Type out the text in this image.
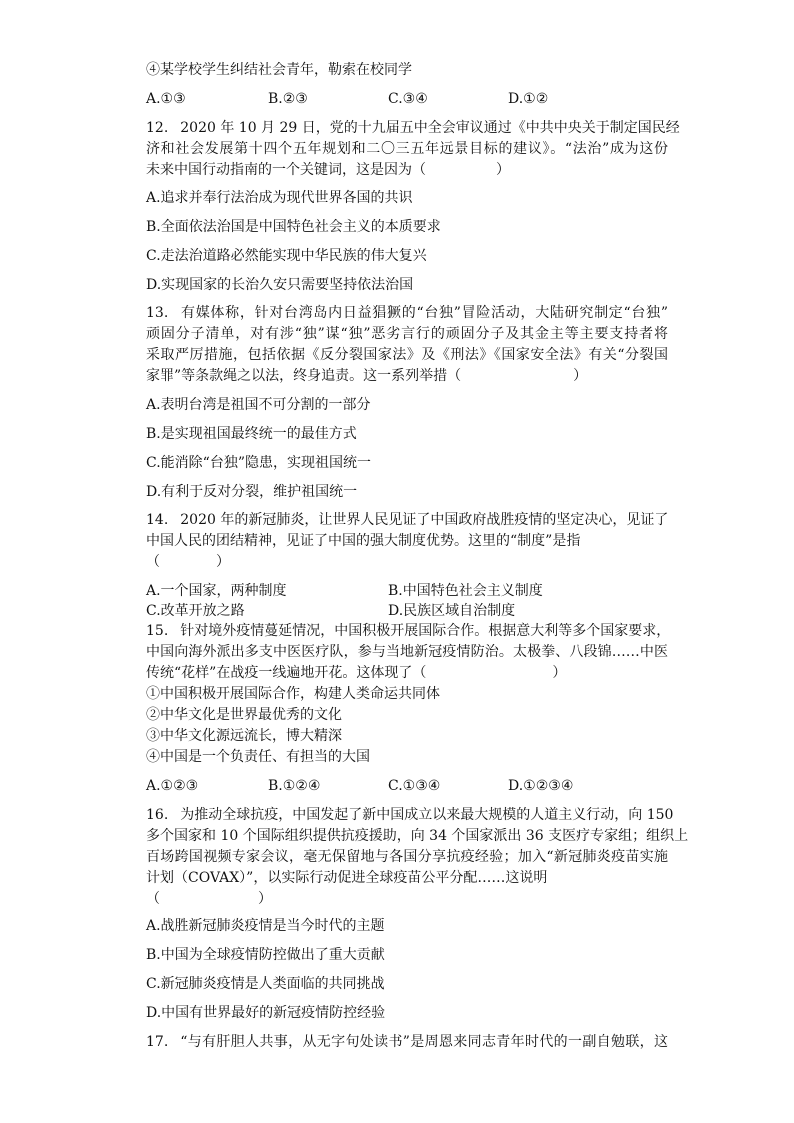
④某学校学生纠结社会青年，勒索在校同学
A.①③	B.②③	C.③④	D.①②
12. 2020 年 10 月 29 日，党的十九届五中全会审议通过《中共中央关于制定国民经
济和社会发展第十四个五年规划和二〇三五年远景目标的建议》。“法治”成为这份
未来中国行动指南的一个关键词，这是因为（　　　　　）
A.追求并奉行法治成为现代世界各国的共识
B.全面依法治国是中国特色社会主义的本质要求
C.走法治道路必然能实现中华民族的伟大复兴
D.实现国家的长治久安只需要坚持依法治国
13. 有媒体称，针对台湾岛内日益猖獗的“台独”冒险活动，大陆研究制定“台独”
顽固分子清单，对有涉“独”谋“独”恶劣言行的顽固分子及其金主等主要支持者将
采取严厉措施，包括依据《反分裂国家法》及《刑法》《国家安全法》有关“分裂国
家罪”等条款绳之以法，终身追责。这一系列举措（　　　　　　　　）
A.表明台湾是祖国不可分割的一部分
B.是实现祖国最终统一的最佳方式
C.能消除“台独”隐患，实现祖国统一
D.有利于反对分裂，维护祖国统一
14. 2020 年的新冠肺炎，让世界人民见证了中国政府战胜疫情的坚定决心，见证了
中国人民的团结精神，见证了中国的强大制度优势。这里的“制度”是指
（　　　　）
A.一个国家，两种制度	B.中国特色社会主义制度
C.改革开放之路	D.民族区域自治制度
15. 针对境外疫情蔓延情况，中国积极开展国际合作。根据意大利等多个国家要求，
中国向海外派出多支中医医疗队，参与当地新冠疫情防治。太极拳、八段锦……中医
传统“花样”在战疫一线遍地开花。这体现了（　　　　　　　　　）
①中国积极开展国际合作，构建人类命运共同体
②中华文化是世界最优秀的文化
③中华文化源远流长，博大精深
④中国是一个负责任、有担当的大国
A.①②③	B.①②④	C.①③④	D.①②③④
16. 为推动全球抗疫，中国发起了新中国成立以来最大规模的人道主义行动，向 150
多个国家和 10 个国际组织提供抗疫援助，向 34 个国家派出 36 支医疗专家组；组织上
百场跨国视频专家会议，毫无保留地与各国分享抗疫经验；加入“新冠肺炎疫苗实施
计划（COVAX）”，以实际行动促进全球疫苗公平分配……这说明
（　　　　　　　）
A.战胜新冠肺炎疫情是当今时代的主题
B.中国为全球疫情防控做出了重大贡献
C.新冠肺炎疫情是人类面临的共同挑战
D.中国有世界最好的新冠疫情防控经验
17. “与有肝胆人共事，从无字句处读书”是周恩来同志青年时代的一副自勉联，这
